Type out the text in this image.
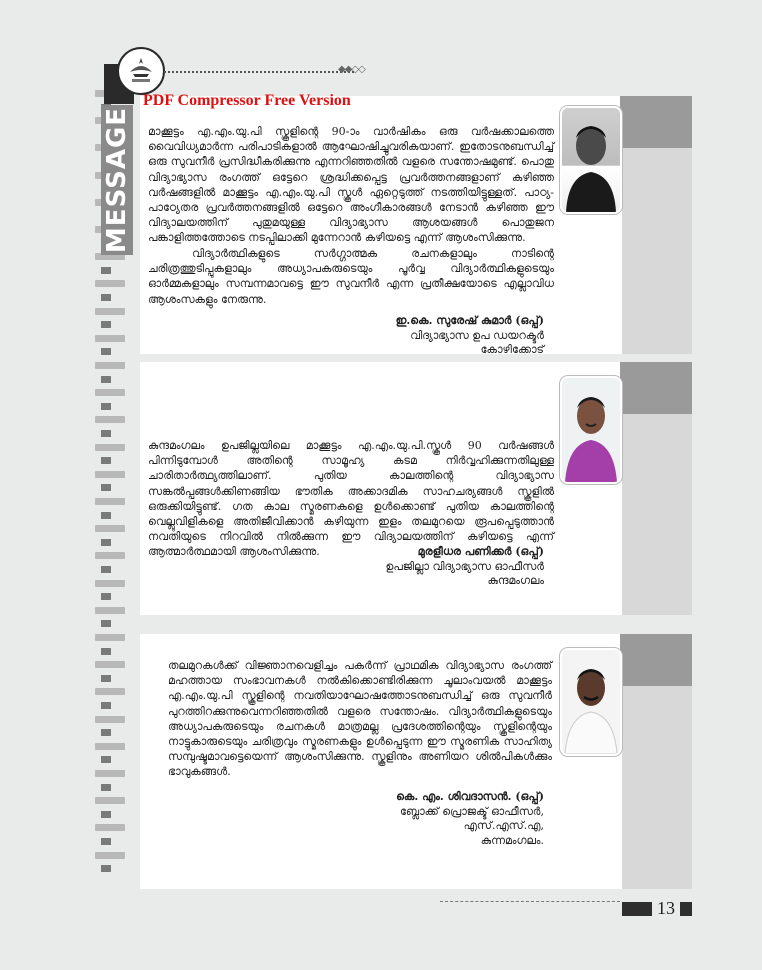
◆◆◇◇
MESSAGE മാക്കൂട്ടം എ.എം.യു.പി സ്കൂളിന്റെ 90-ാം വാർഷികം ഒരു വർഷക്കാലത്തെ വൈവിധ്യമാർന്ന പരിപാടികളാൽ ആഘോഷിച്ചുവരികയാണ്. ഇതോടനുബന്ധിച്ച് ഒരു സുവനീർ പ്രസിദ്ധീകരിക്കുന്നു എന്നറിഞ്ഞതിൽ വളരെ സന്തോഷമുണ്ട്. പൊതു വിദ്യാഭ്യാസ രംഗത്ത് ഒട്ടേറെ ശ്രദ്ധിക്കപ്പെട്ട പ്രവർത്തനങ്ങളാണ് കഴിഞ്ഞ വർഷങ്ങളിൽ മാക്കൂട്ടം എ.എം.യു.പി സ്കൂൾ ഏറ്റെടുത്ത് നടത്തിയിട്ടുള്ളത്. പാഠ്യ-പാഠ്യേതര പ്രവർത്തനങ്ങളിൽ ഒട്ടേറെ അംഗീകാരങ്ങൾ നേടാൻ കഴിഞ്ഞ ഈ വിദ്യാലയത്തിന് പുതുമയുള്ള വിദ്യാഭ്യാസ ആശയങ്ങൾ പൊതുജന പങ്കാളിത്തത്തോടെ നടപ്പിലാക്കി മുന്നേറാൻ കഴിയട്ടെ എന്ന് ആശംസിക്കുന്നു.
വിദ്യാർത്ഥികളുടെ സർഗ്ഗാത്മക രചനകളാലും നാടിന്റെ ചരിത്രത്തുടിപ്പുകളാലും അധ്യാപകരുടെയും പൂർവ്വ വിദ്യാർത്ഥികളുടെയും ഓർമ്മകളാലും സമ്പന്നമാവട്ടെ ഈ സുവനീർ എന്ന പ്രതീക്ഷയോടെ എല്ലാവിധ ആശംസകളും നേരുന്നു.
ഇ.കെ. സുരേഷ് കുമാർ (ഒപ്പ്)
വിദ്യാഭ്യാസ ഉപ ഡയറക്ടർ
കോഴിക്കോട്
PDF Compressor Free Version
കുന്ദമംഗലം ഉപജില്ലയിലെ മാക്കൂട്ടം എ.എം.യു.പി.സ്കൂൾ 90 വർഷങ്ങൾ പിന്നിടുമ്പോൾ അതിന്റെ സാമൂഹ്യ കടമ നിർവ്വഹിക്കുന്നതിലുള്ള ചാരിതാർത്ഥ്യത്തിലാണ്. പുതിയ കാലത്തിന്റെ വിദ്യാഭ്യാസ സങ്കൽപ്പങ്ങൾക്കിണങ്ങിയ ഭൗതിക അക്കാദമിക സാഹചര്യങ്ങൾ സ്കൂളിൽ ഒരുക്കിയിട്ടുണ്ട്. ഗത കാല സ്മരണകളെ ഉൾക്കൊണ്ട് പുതിയ കാലത്തിന്റെ വെല്ലുവിളികളെ അതിജീവിക്കാൻ കഴിയുന്ന ഇളം തലമുറയെ രൂപപ്പെടുത്താൻ നവതിയുടെ നിറവിൽ നിൽക്കുന്ന ഈ വിദ്യാലയത്തിന് കഴിയട്ടെ എന്ന് ആത്മാർത്ഥമായി ആശംസിക്കുന്നു.	മുരളീധര പണിക്കർ (ഒപ്പ്)
ഉപജില്ലാ വിദ്യാഭ്യാസ ഓഫീസർ
കുന്ദമംഗലം
തലമുറകൾക്ക് വിജ്ഞാനവെളിച്ചം പകർന്ന് പ്രാഥമിക വിദ്യാഭ്യാസ രംഗത്ത് മഹത്തായ സംഭാവനകൾ നൽകിക്കൊണ്ടിരിക്കുന്ന ചൂലാംവയൽ മാക്കൂട്ടം എ.എം.യു.പി സ്കൂളിന്റെ നവതിയാഘോഷത്തോടനുബന്ധിച്ച് ഒരു സുവനീർ പുറത്തിറക്കുന്നുവെന്നറിഞ്ഞതിൽ വളരെ സന്തോഷം. വിദ്യാർത്ഥികളുടെയും അധ്യാപകരുടെയും രചനകൾ മാത്രമല്ല പ്രദേശത്തിന്റെയും സ്കൂളിന്റെയും നാട്ടുകാരുടെയും ചരിത്രവും സ്മരണകളും ഉൾപ്പെടുന്ന ഈ സ്മരണിക സാഹിത്യ സമ്പുഷ്ടമാവട്ടെയെന്ന് ആശംസിക്കുന്നു. സ്കൂളിനും അണിയറ ശിൽപികൾക്കും ഭാവുകങ്ങൾ.
കെ. എം. ശിവദാസൻ. (ഒപ്പ്)
ബ്ലോക്ക് പ്രൊജക്ട് ഓഫീസർ,
എസ്.എസ്.എ,
കുന്നമംഗലം.
13
